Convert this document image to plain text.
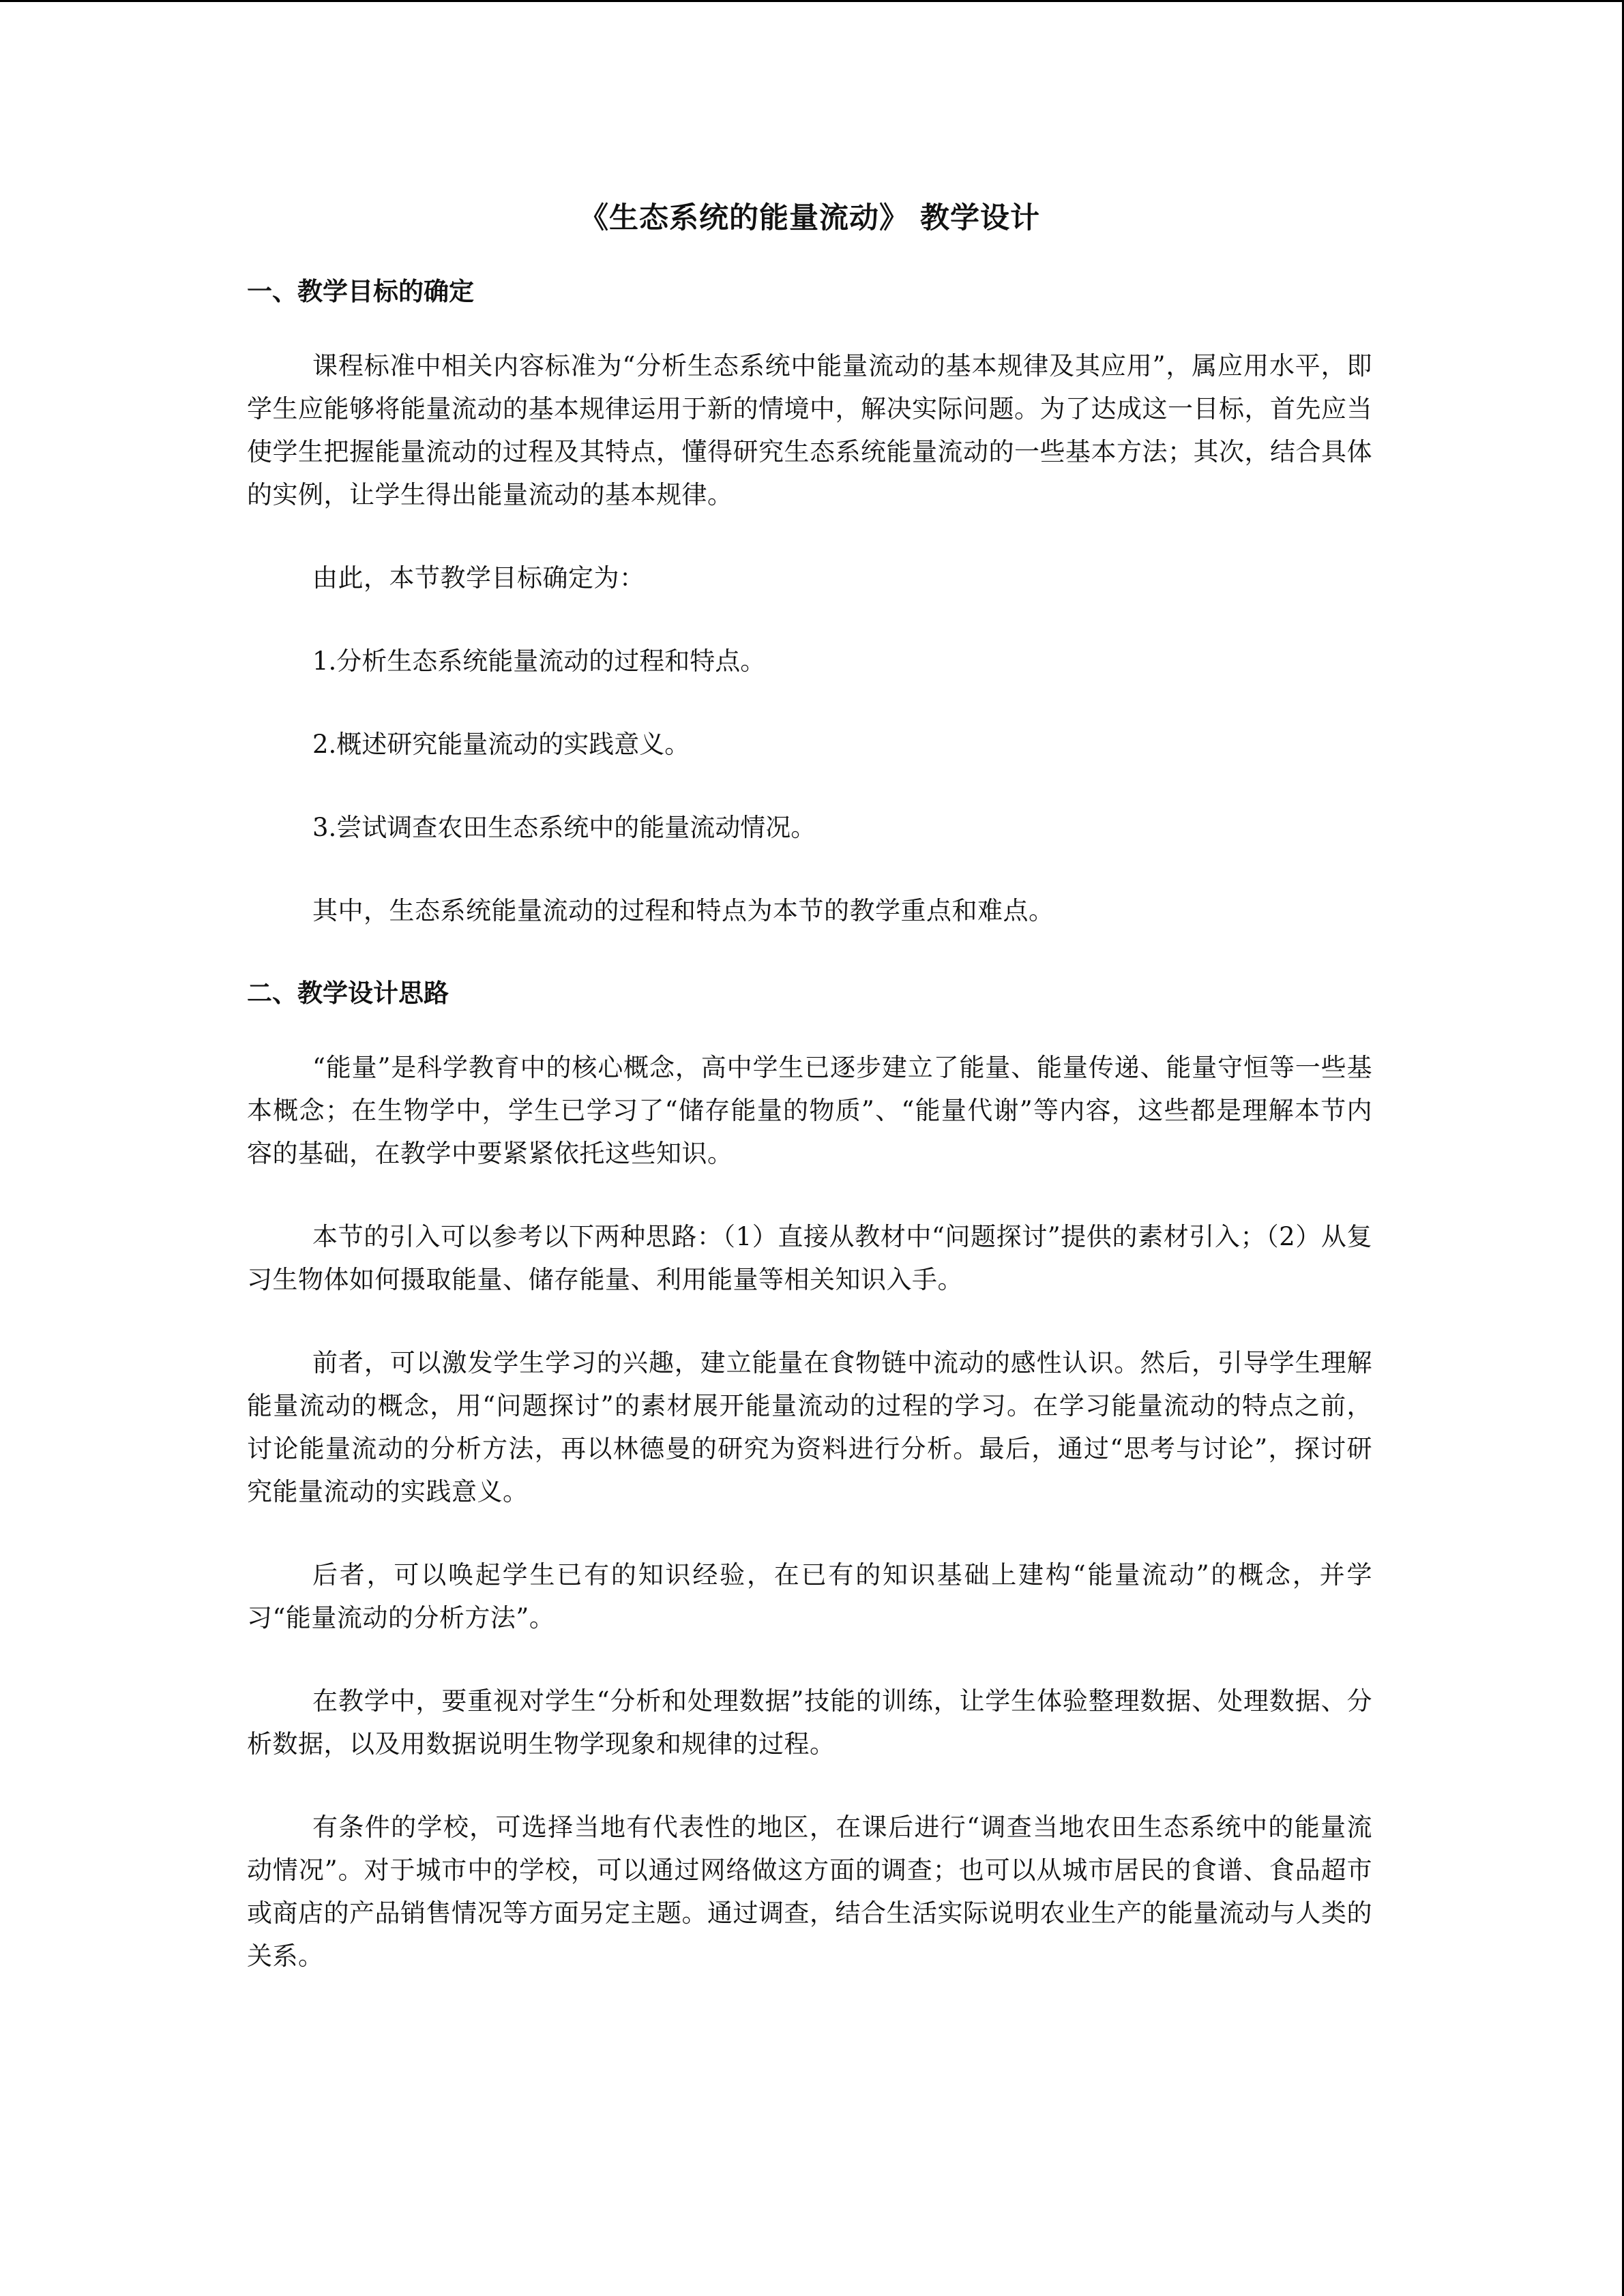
《生态系统的能量流动》 教学设计
一、教学目标的确定

课程标准中相关内容标准为“分析生态系统中能量流动的基本规律及其应用”，属应用水平，即学生应能够将能量流动的基本规律运用于新的情境中，解决实际问题。为了达成这一目标，首先应当使学生把握能量流动的过程及其特点，懂得研究生态系统能量流动的一些基本方法；其次，结合具体的实例，让学生得出能量流动的基本规律。

由此，本节教学目标确定为：

1.分析生态系统能量流动的过程和特点。

2.概述研究能量流动的实践意义。

3.尝试调查农田生态系统中的能量流动情况。

其中，生态系统能量流动的过程和特点为本节的教学重点和难点。

二、教学设计思路

“能量”是科学教育中的核心概念，高中学生已逐步建立了能量、能量传递、能量守恒等一些基本概念；在生物学中，学生已学习了“储存能量的物质”、“能量代谢”等内容，这些都是理解本节内容的基础，在教学中要紧紧依托这些知识。

本节的引入可以参考以下两种思路：（1）直接从教材中“问题探讨”提供的素材引入；（2）从复习生物体如何摄取能量、储存能量、利用能量等相关知识入手。

前者，可以激发学生学习的兴趣，建立能量在食物链中流动的感性认识。然后，引导学生理解能量流动的概念，用“问题探讨”的素材展开能量流动的过程的学习。在学习能量流动的特点之前，讨论能量流动的分析方法，再以林德曼的研究为资料进行分析。最后，通过“思考与讨论”，探讨研究能量流动的实践意义。

后者，可以唤起学生已有的知识经验，在已有的知识基础上建构“能量流动”的概念，并学习“能量流动的分析方法”。

在教学中，要重视对学生“分析和处理数据”技能的训练，让学生体验整理数据、处理数据、分析数据，以及用数据说明生物学现象和规律的过程。

有条件的学校，可选择当地有代表性的地区，在课后进行“调查当地农田生态系统中的能量流动情况”。对于城市中的学校，可以通过网络做这方面的调查；也可以从城市居民的食谱、食品超市或商店的产品销售情况等方面另定主题。通过调查，结合生活实际说明农业生产的能量流动与人类的关系。
